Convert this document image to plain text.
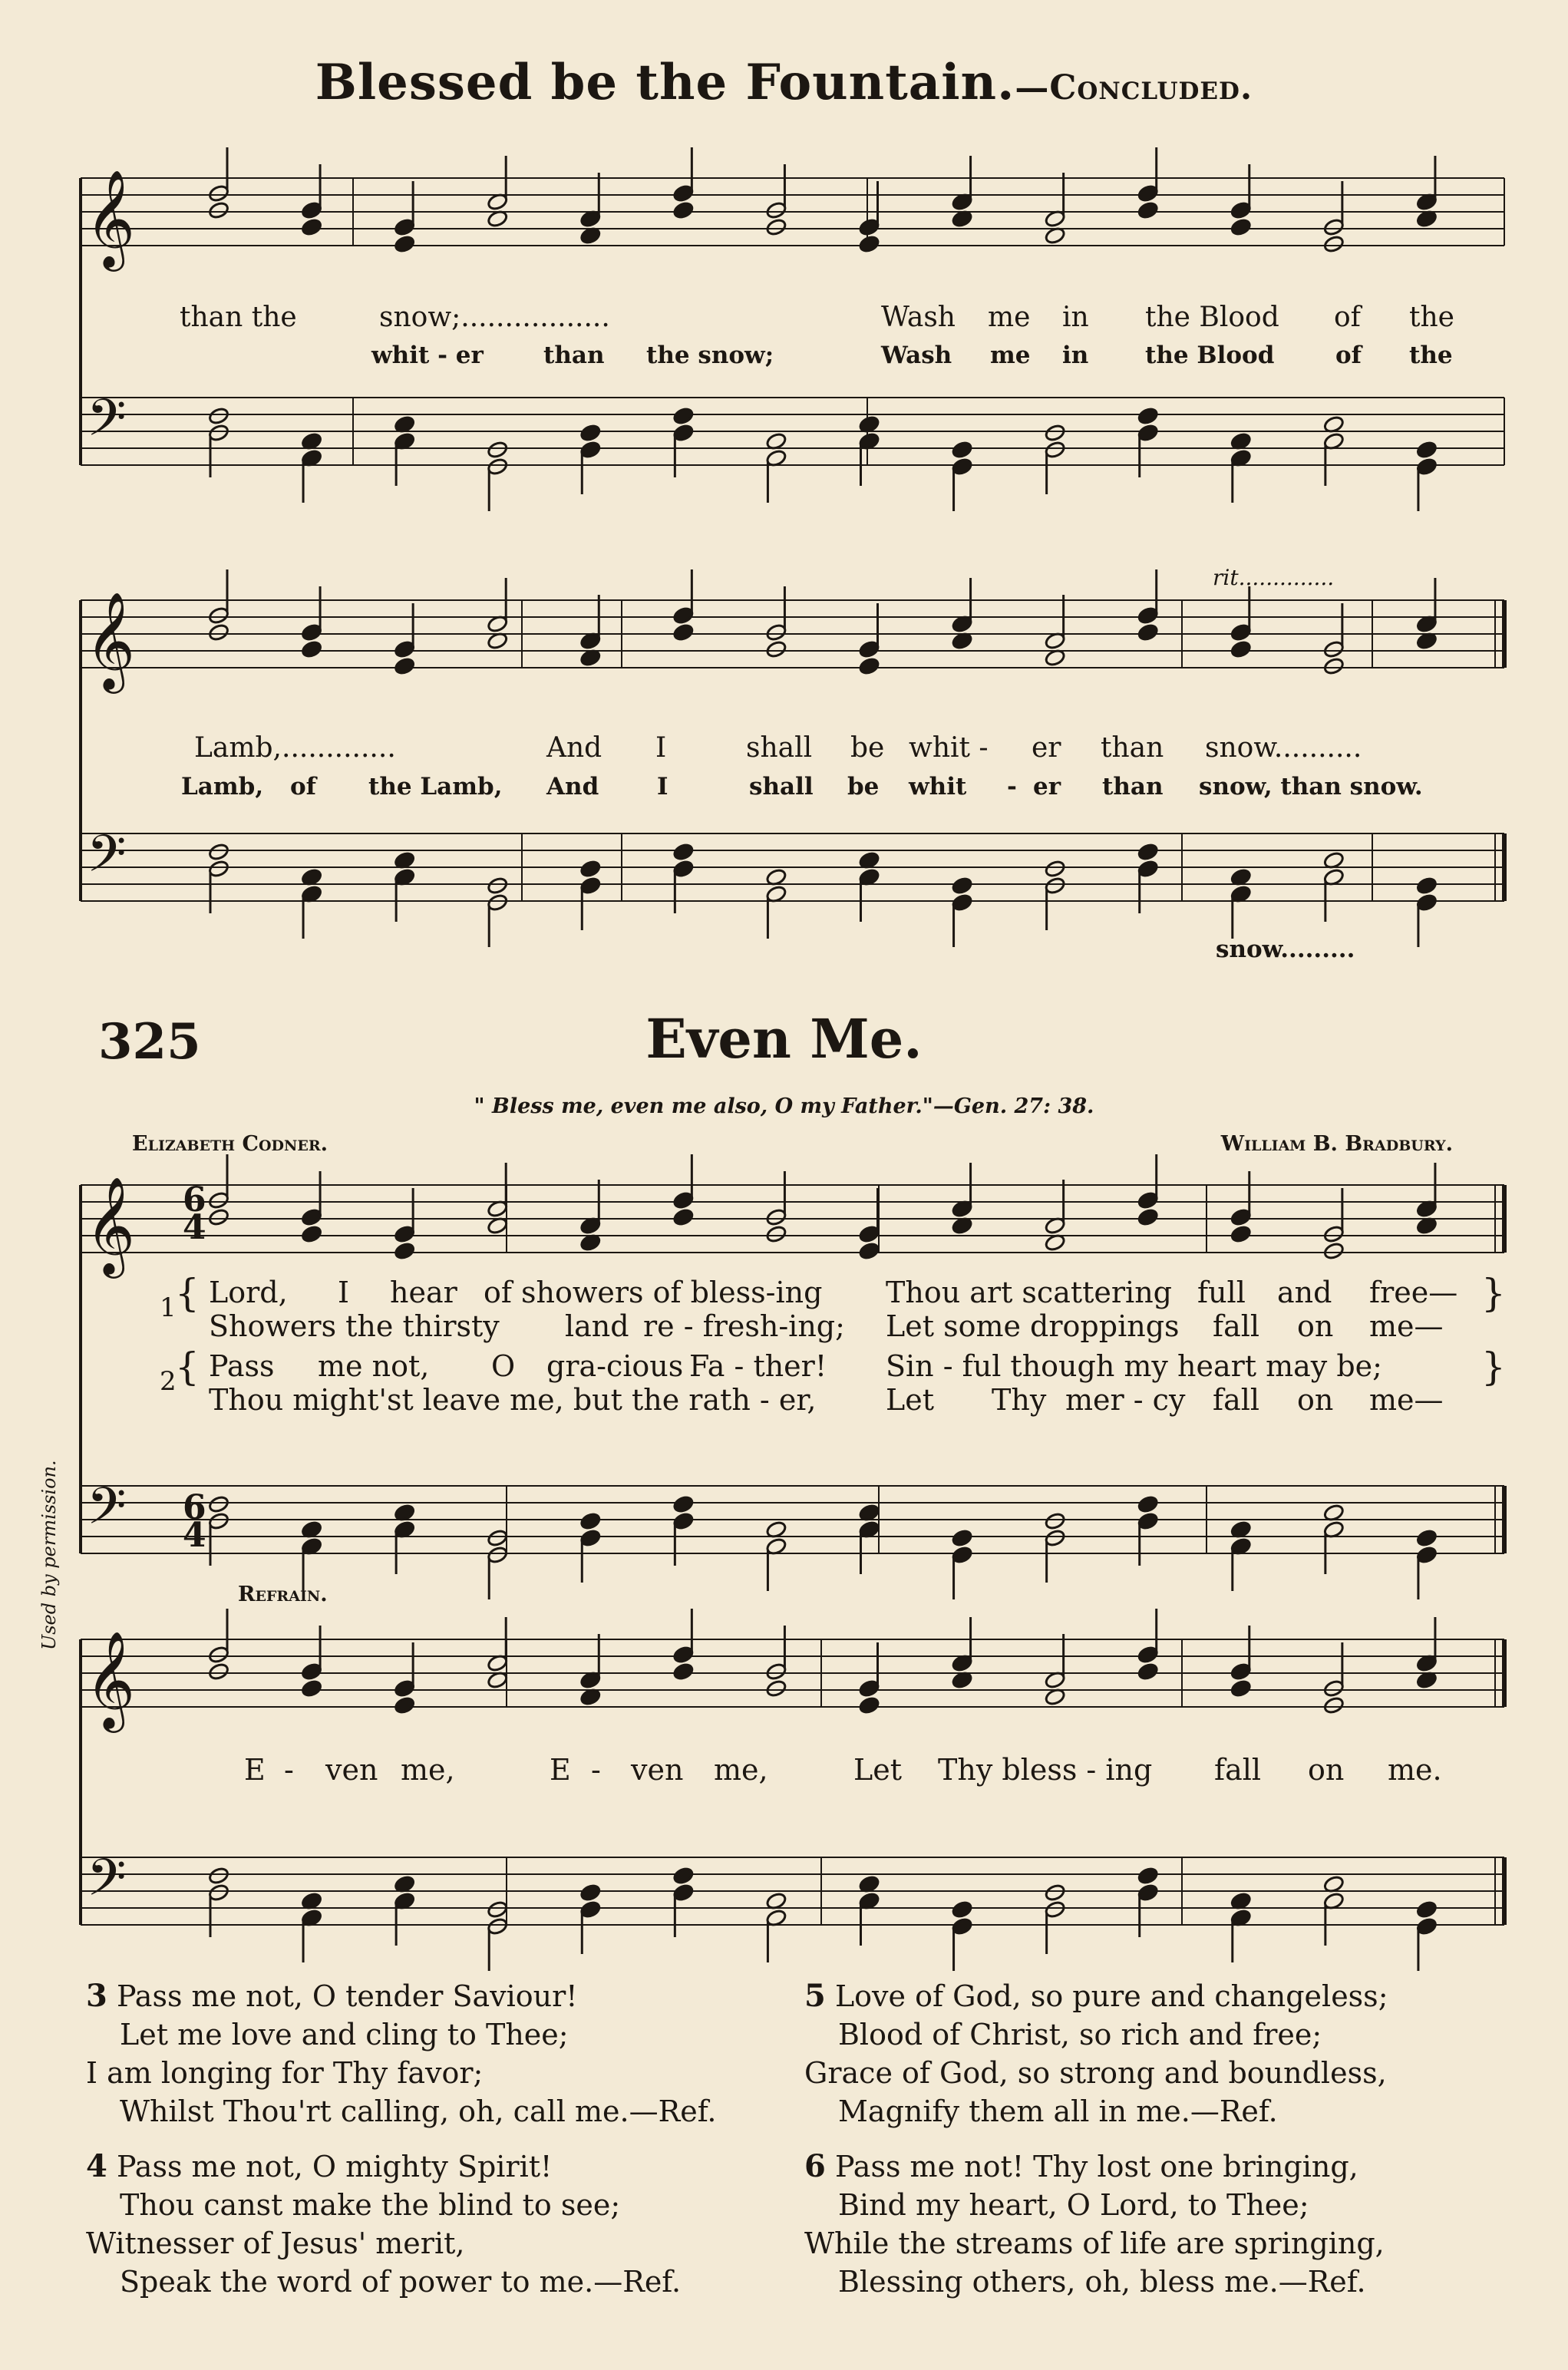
𝄞
𝄢
𝄞
𝄢
𝄞
𝄢
𝄞
𝄢
Blessed be the Fountain.—Concluded.
than the	snow;.................	Wash me in the Blood of the
whit - er	than the snow;	Wash me in the Blood	of the
rit..............
Lamb,.............	And I	shall be whit - er than snow..........
Lamb, of the Lamb, And I	shall be whit - er than snow, than snow.
snow.........
325	Even Me.
" Bless me, even me also, O my Father."—Gen. 27: 38.
Elizabeth Codner.	William B. Bradbury.
6
4
6
4
1
{ Lord, I hear of showers of bless-ing Thou art scattering full and free— }
Showers the thirsty land re - fresh-ing; Let some droppings fall on me—
2
{ Pass me not, O gra-cious Fa - ther! Sin - ful though my heart may be;	}
Thou might'st leave me, but the rath - er, Let Thy mer - cy fall on me—
Refrain.
Used by permission.
E - ven me,	E - ven me,	Let Thy bless - ing fall on me.
3 Pass me not, O tender Saviour!
Let me love and cling to Thee;
I am longing for Thy favor;
Whilst Thou'rt calling, oh, call me.—Ref.
4 Pass me not, O mighty Spirit!
Thou canst make the blind to see;
Witnesser of Jesus' merit,
Speak the word of power to me.—Ref.
5 Love of God, so pure and changeless;
Blood of Christ, so rich and free;
Grace of God, so strong and boundless,
Magnify them all in me.—Ref.
6 Pass me not! Thy lost one bringing,
Bind my heart, O Lord, to Thee;
While the streams of life are springing,
Blessing others, oh, bless me.—Ref.
